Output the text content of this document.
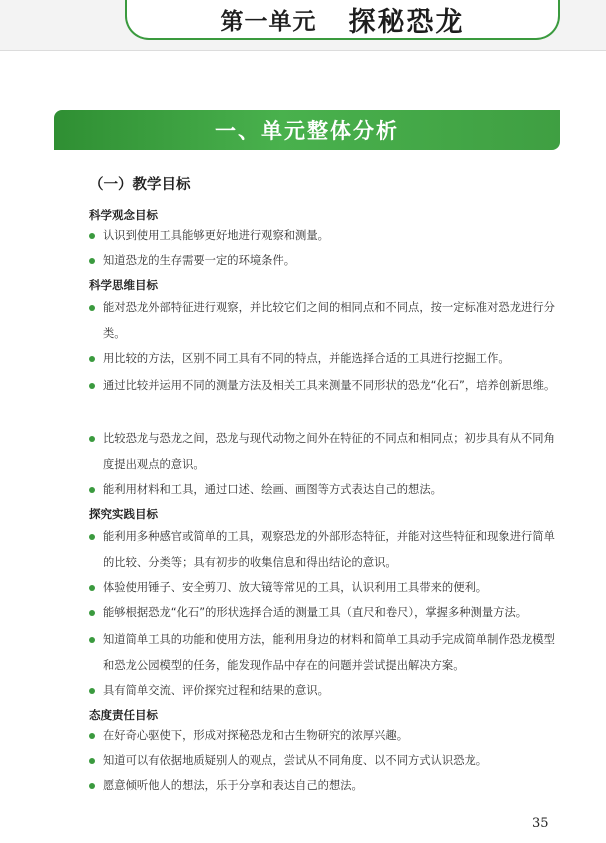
第一单元 探秘恐龙
一、单元整体分析
（一）教学目标
科学观念目标
认识到使用工具能够更好地进行观察和测量。
知道恐龙的生存需要一定的环境条件。
科学思维目标
能对恐龙外部特征进行观察，并比较它们之间的相同点和不同点，按一定标准对恐龙进行分类。
用比较的方法，区别不同工具有不同的特点，并能选择合适的工具进行挖掘工作。
通过比较并运用不同的测量方法及相关工具来测量不同形状的恐龙“化石”，培养创新思维。
比较恐龙与恐龙之间，恐龙与现代动物之间外在特征的不同点和相同点；初步具有从不同角度提出观点的意识。
能利用材料和工具，通过口述、绘画、画图等方式表达自己的想法。
探究实践目标
能利用多种感官或简单的工具，观察恐龙的外部形态特征，并能对这些特征和现象进行简单的比较、分类等；具有初步的收集信息和得出结论的意识。
体验使用锤子、安全剪刀、放大镜等常见的工具，认识利用工具带来的便利。
能够根据恐龙“化石”的形状选择合适的测量工具（直尺和卷尺），掌握多种测量方法。
知道简单工具的功能和使用方法，能利用身边的材料和简单工具动手完成简单制作恐龙模型和恐龙公园模型的任务，能发现作品中存在的问题并尝试提出解决方案。
具有简单交流、评价探究过程和结果的意识。
态度责任目标
在好奇心驱使下，形成对探秘恐龙和古生物研究的浓厚兴趣。
知道可以有依据地质疑别人的观点，尝试从不同角度、以不同方式认识恐龙。
愿意倾听他人的想法，乐于分享和表达自己的想法。
35
